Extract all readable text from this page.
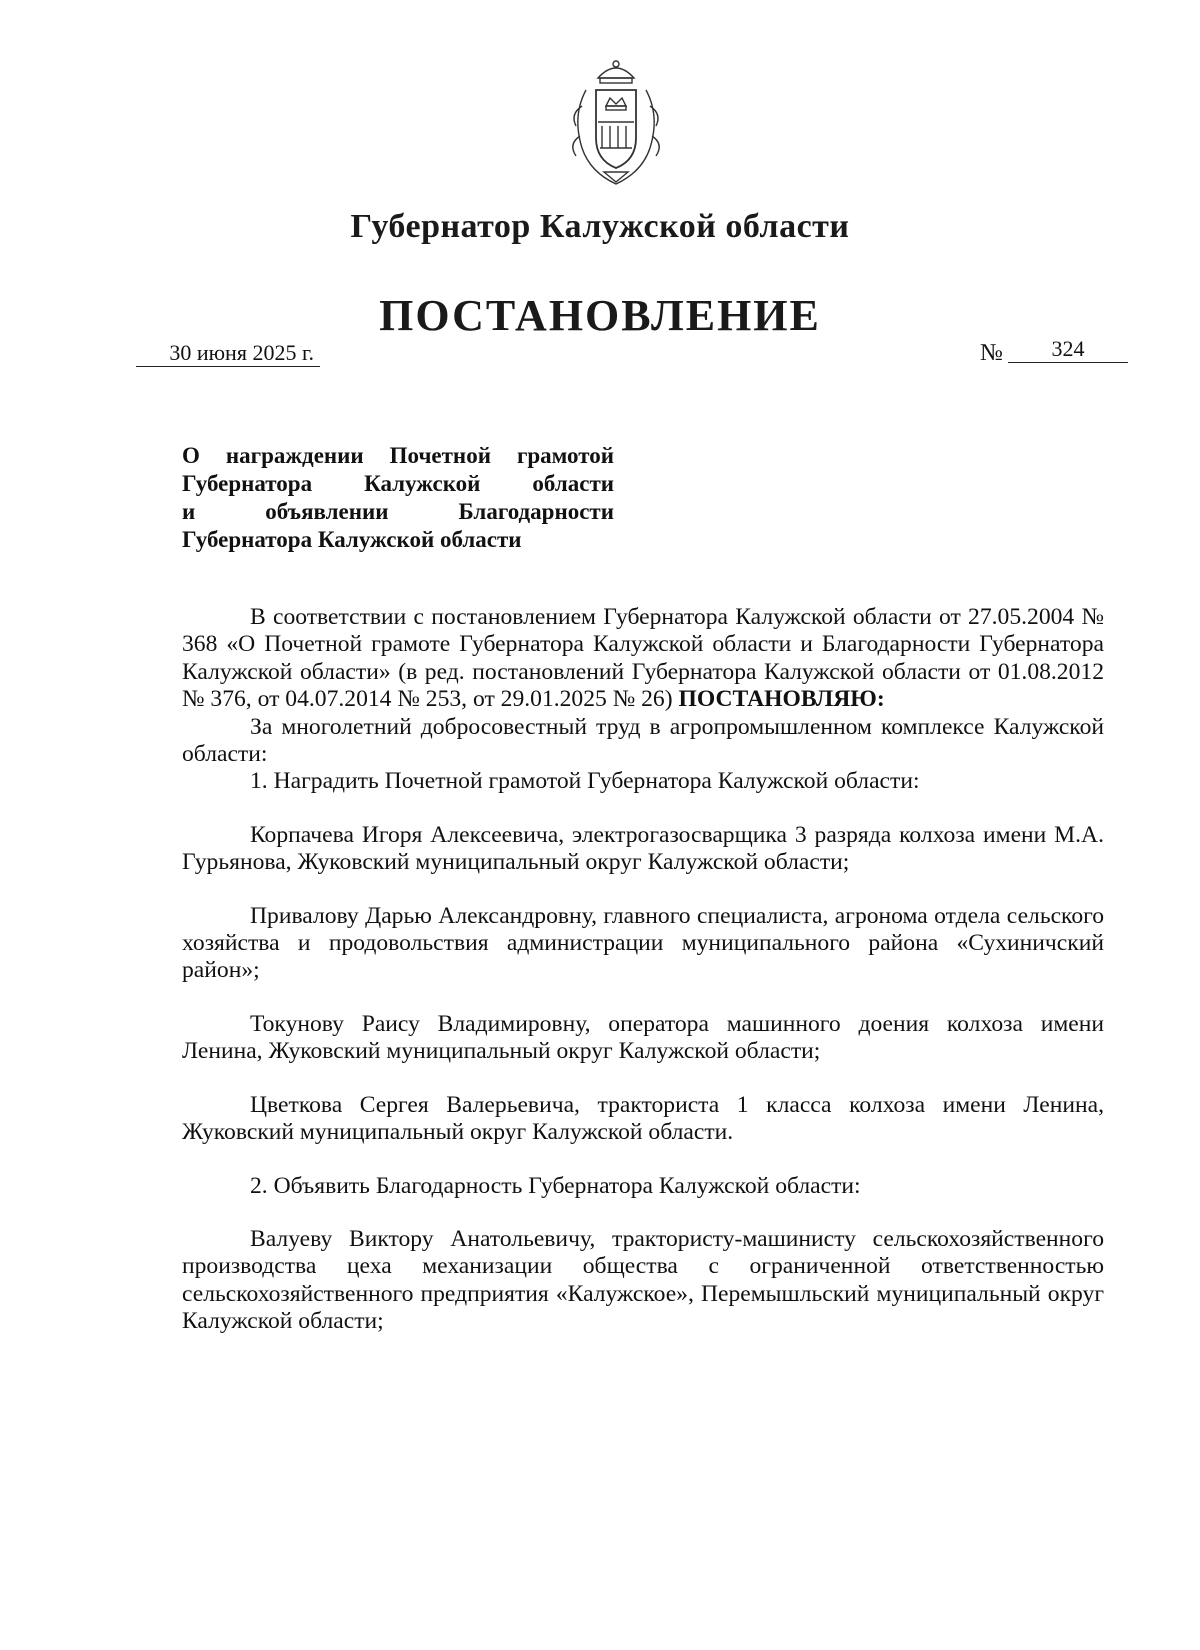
Губернатор Калужской области
ПОСТАНОВЛЕНИЕ
30 июня 2025 г.	№	324
О награждении Почетной грамотой
Губернатора Калужской области
и объявлении Благодарности
Губернатора Калужской области

В соответствии с постановлением Губернатора Калужской области от 27.05.2004 № 368 «О Почетной грамоте Губернатора Калужской области и Благодарности Губернатора Калужской области» (в ред. постановлений Губернатора Калужской области от 01.08.2012 № 376, от 04.07.2014 № 253, от 29.01.2025 № 26) ПОСТАНОВЛЯЮ:

За многолетний добросовестный труд в агропромышленном комплексе Калужской области:

1. Наградить Почетной грамотой Губернатора Калужской области:

Корпачева Игоря Алексеевича, электрогазосварщика 3 разряда колхоза имени М.А. Гурьянова, Жуковский муниципальный округ Калужской области;

Привалову Дарью Александровну, главного специалиста, агронома отдела сельского хозяйства и продовольствия администрации муниципального района «Сухиничский район»;

Токунову Раису Владимировну, оператора машинного доения колхоза имени Ленина, Жуковский муниципальный округ Калужской области;

Цветкова Сергея Валерьевича, тракториста 1 класса колхоза имени Ленина, Жуковский муниципальный округ Калужской области.

2. Объявить Благодарность Губернатора Калужской области:

Валуеву Виктору Анатольевичу, трактористу-машинисту сельскохозяйственного производства цеха механизации общества с ограниченной ответственностью сельскохозяйственного предприятия «Калужское», Перемышльский муниципальный округ Калужской области;
